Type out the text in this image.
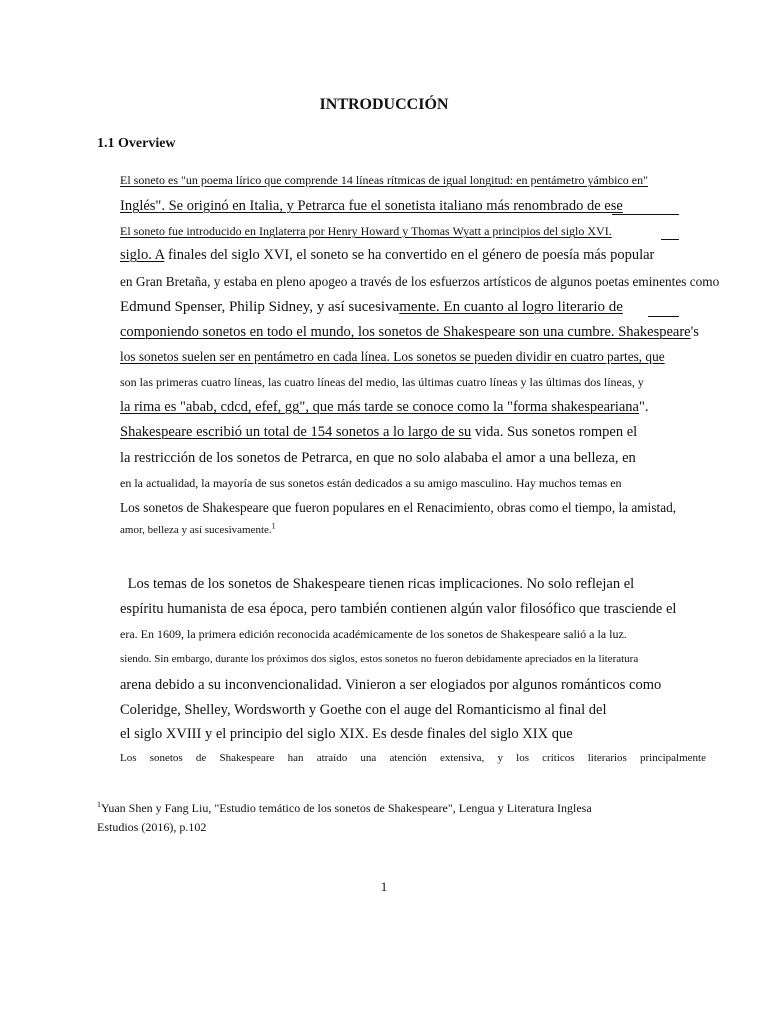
INTRODUCCIÓN
1.1 Overview
El soneto es "un poema lírico que comprende 14 líneas rítmicas de igual longitud: en pentámetro yámbico en"
Inglés". Se originó en Italia, y Petrarca fue el sonetista italiano más renombrado de ese
El soneto fue introducido en Inglaterra por Henry Howard y Thomas Wyatt a principios del siglo XVI.
siglo. A finales del siglo XVI, el soneto se ha convertido en el género de poesía más popular
en Gran Bretaña, y estaba en pleno apogeo a través de los esfuerzos artísticos de algunos poetas eminentes como
Edmund Spenser, Philip Sidney, y así sucesivamente. En cuanto al logro literario de
componiendo sonetos en todo el mundo, los sonetos de Shakespeare son una cumbre. Shakespeare's
los sonetos suelen ser en pentámetro en cada línea. Los sonetos se pueden dividir en cuatro partes, que
son las primeras cuatro líneas, las cuatro líneas del medio, las últimas cuatro líneas y las últimas dos líneas, y
la rima es "abab, cdcd, efef, gg", que más tarde se conoce como la "forma shakespeariana".
Shakespeare escribió un total de 154 sonetos a lo largo de su vida. Sus sonetos rompen el
la restricción de los sonetos de Petrarca, en que no solo alababa el amor a una belleza, en
en la actualidad, la mayoría de sus sonetos están dedicados a su amigo masculino. Hay muchos temas en
Los sonetos de Shakespeare que fueron populares en el Renacimiento, obras como el tiempo, la amistad,
amor, belleza y así sucesivamente.$^1$
Los temas de los sonetos de Shakespeare tienen ricas implicaciones. No solo reflejan el
espíritu humanista de esa época, pero también contienen algún valor filosófico que trasciende el
era. En 1609, la primera edición reconocida académicamente de los sonetos de Shakespeare salió a la luz.
siendo. Sin embargo, durante los próximos dos siglos, estos sonetos no fueron debidamente apreciados en la literatura
arena debido a su inconvencionalidad. Vinieron a ser elogiados por algunos románticos como
Coleridge, Shelley, Wordsworth y Goethe con el auge del Romanticismo al final del
el siglo XVIII y el principio del siglo XIX. Es desde finales del siglo XIX que
Los sonetos de Shakespeare han atraído una atención extensiva, y los críticos literarios principalmente
$^1$Yuan Shen y Fang Liu, "Estudio temático de los sonetos de Shakespeare", Lengua y Literatura Inglesa
Estudios (2016), p.102
1
